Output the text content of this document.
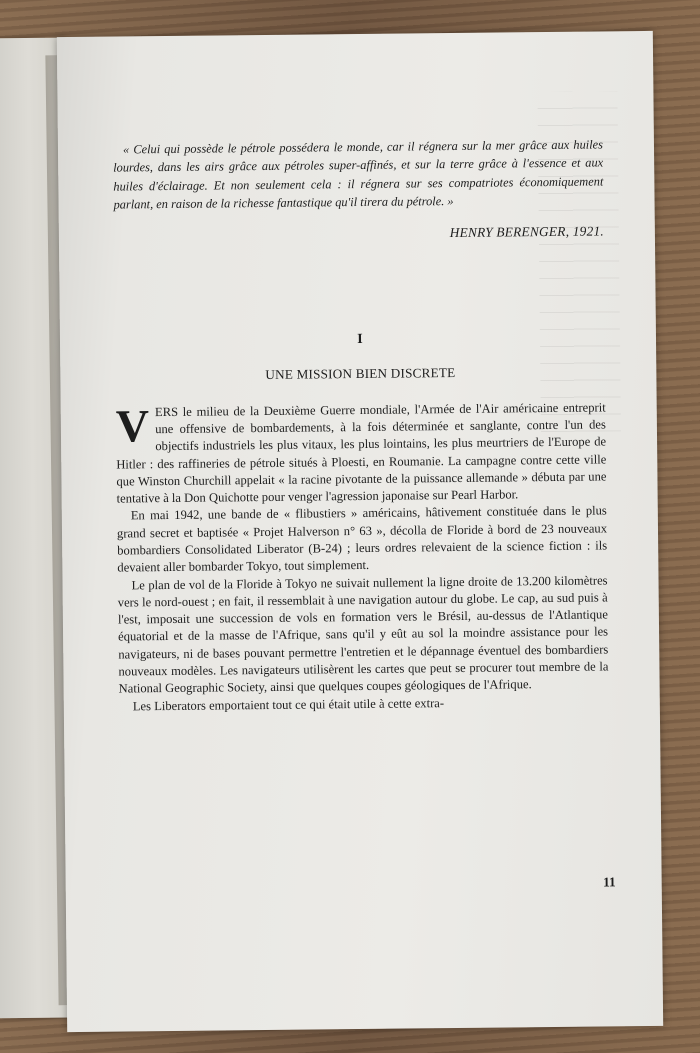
« Celui qui possède le pétrole possédera le monde, car il régnera sur la mer grâce aux huiles lourdes, dans les airs grâce aux pétroles super-affinés, et sur la terre grâce à l'essence et aux huiles d'éclairage. Et non seulement cela : il régnera sur ses compatriotes économiquement parlant, en raison de la richesse fantastique qu'il tirera du pétrole. »

HENRY BERENGER, 1921.
I
UNE MISSION BIEN DISCRETE

VERS le milieu de la Deuxième Guerre mondiale, l'Armée de l'Air américaine entreprit une offensive de bombardements, à la fois déterminée et sanglante, contre l'un des objectifs industriels les plus vitaux, les plus lointains, les plus meurtriers de l'Europe de Hitler : des raffineries de pétrole situés à Ploesti, en Roumanie. La campagne contre cette ville que Winston Churchill appelait « la racine pivotante de la puissance allemande » débuta par une tentative à la Don Quichotte pour venger l'agression japonaise sur Pearl Harbor.

En mai 1942, une bande de « flibustiers » américains, hâtivement constituée dans le plus grand secret et baptisée « Projet Halverson n° 63 », décolla de Floride à bord de 23 nouveaux bombardiers Consolidated Liberator (B-24) ; leurs ordres relevaient de la science fiction : ils devaient aller bombarder Tokyo, tout simplement.

Le plan de vol de la Floride à Tokyo ne suivait nullement la ligne droite de 13.200 kilomètres vers le nord-ouest ; en fait, il ressemblait à une navigation autour du globe. Le cap, au sud puis à l'est, imposait une succession de vols en formation vers le Brésil, au-dessus de l'Atlantique équatorial et de la masse de l'Afrique, sans qu'il y eût au sol la moindre assistance pour les navigateurs, ni de bases pouvant permettre l'entretien et le dépannage éventuel des bombardiers nouveaux modèles. Les navigateurs utilisèrent les cartes que peut se procurer tout membre de la National Geographic Society, ainsi que quelques coupes géologiques de l'Afrique.

Les Liberators emportaient tout ce qui était utile à cette extra-

11
